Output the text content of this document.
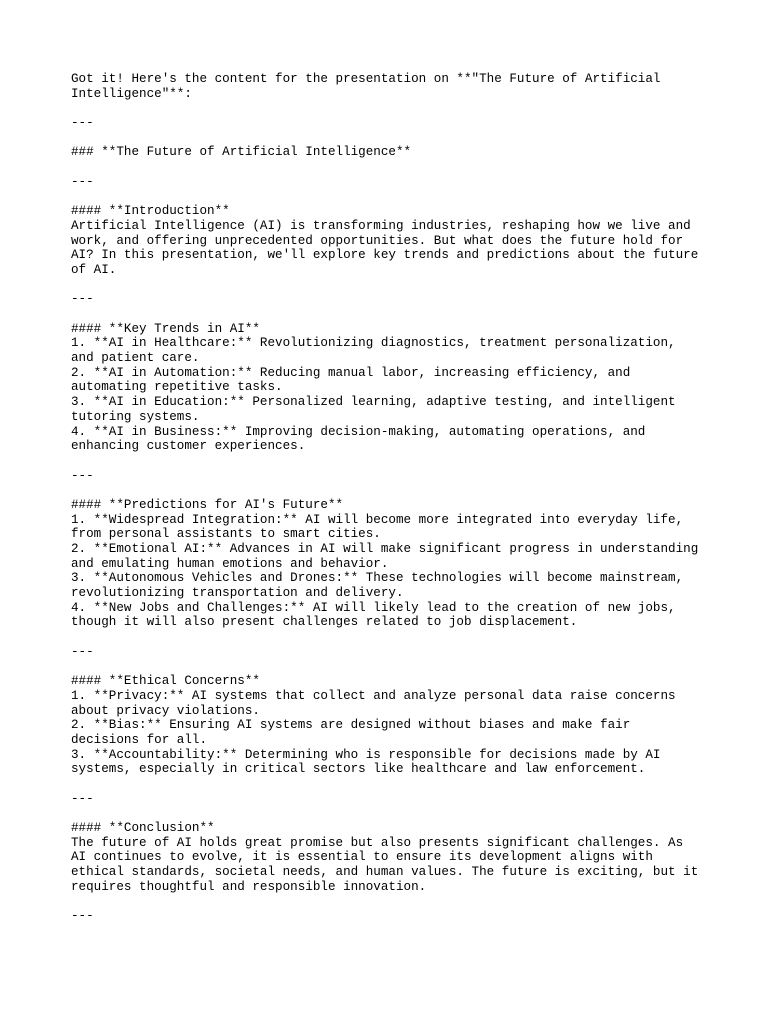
Got it! Here's the content for the presentation on **"The Future of Artificial
Intelligence"**:
---
### **The Future of Artificial Intelligence**
---
#### **Introduction**
Artificial Intelligence (AI) is transforming industries, reshaping how we live and
work, and offering unprecedented opportunities. But what does the future hold for
AI? In this presentation, we'll explore key trends and predictions about the future
of AI.
---
#### **Key Trends in AI**
1. **AI in Healthcare:** Revolutionizing diagnostics, treatment personalization,
and patient care.
2. **AI in Automation:** Reducing manual labor, increasing efficiency, and
automating repetitive tasks.
3. **AI in Education:** Personalized learning, adaptive testing, and intelligent
tutoring systems.
4. **AI in Business:** Improving decision-making, automating operations, and
enhancing customer experiences.
---
#### **Predictions for AI's Future**
1. **Widespread Integration:** AI will become more integrated into everyday life,
from personal assistants to smart cities.
2. **Emotional AI:** Advances in AI will make significant progress in understanding
and emulating human emotions and behavior.
3. **Autonomous Vehicles and Drones:** These technologies will become mainstream,
revolutionizing transportation and delivery.
4. **New Jobs and Challenges:** AI will likely lead to the creation of new jobs,
though it will also present challenges related to job displacement.
---
#### **Ethical Concerns**
1. **Privacy:** AI systems that collect and analyze personal data raise concerns
about privacy violations.
2. **Bias:** Ensuring AI systems are designed without biases and make fair
decisions for all.
3. **Accountability:** Determining who is responsible for decisions made by AI
systems, especially in critical sectors like healthcare and law enforcement.
---
#### **Conclusion**
The future of AI holds great promise but also presents significant challenges. As
AI continues to evolve, it is essential to ensure its development aligns with
ethical standards, societal needs, and human values. The future is exciting, but it
requires thoughtful and responsible innovation.
---
